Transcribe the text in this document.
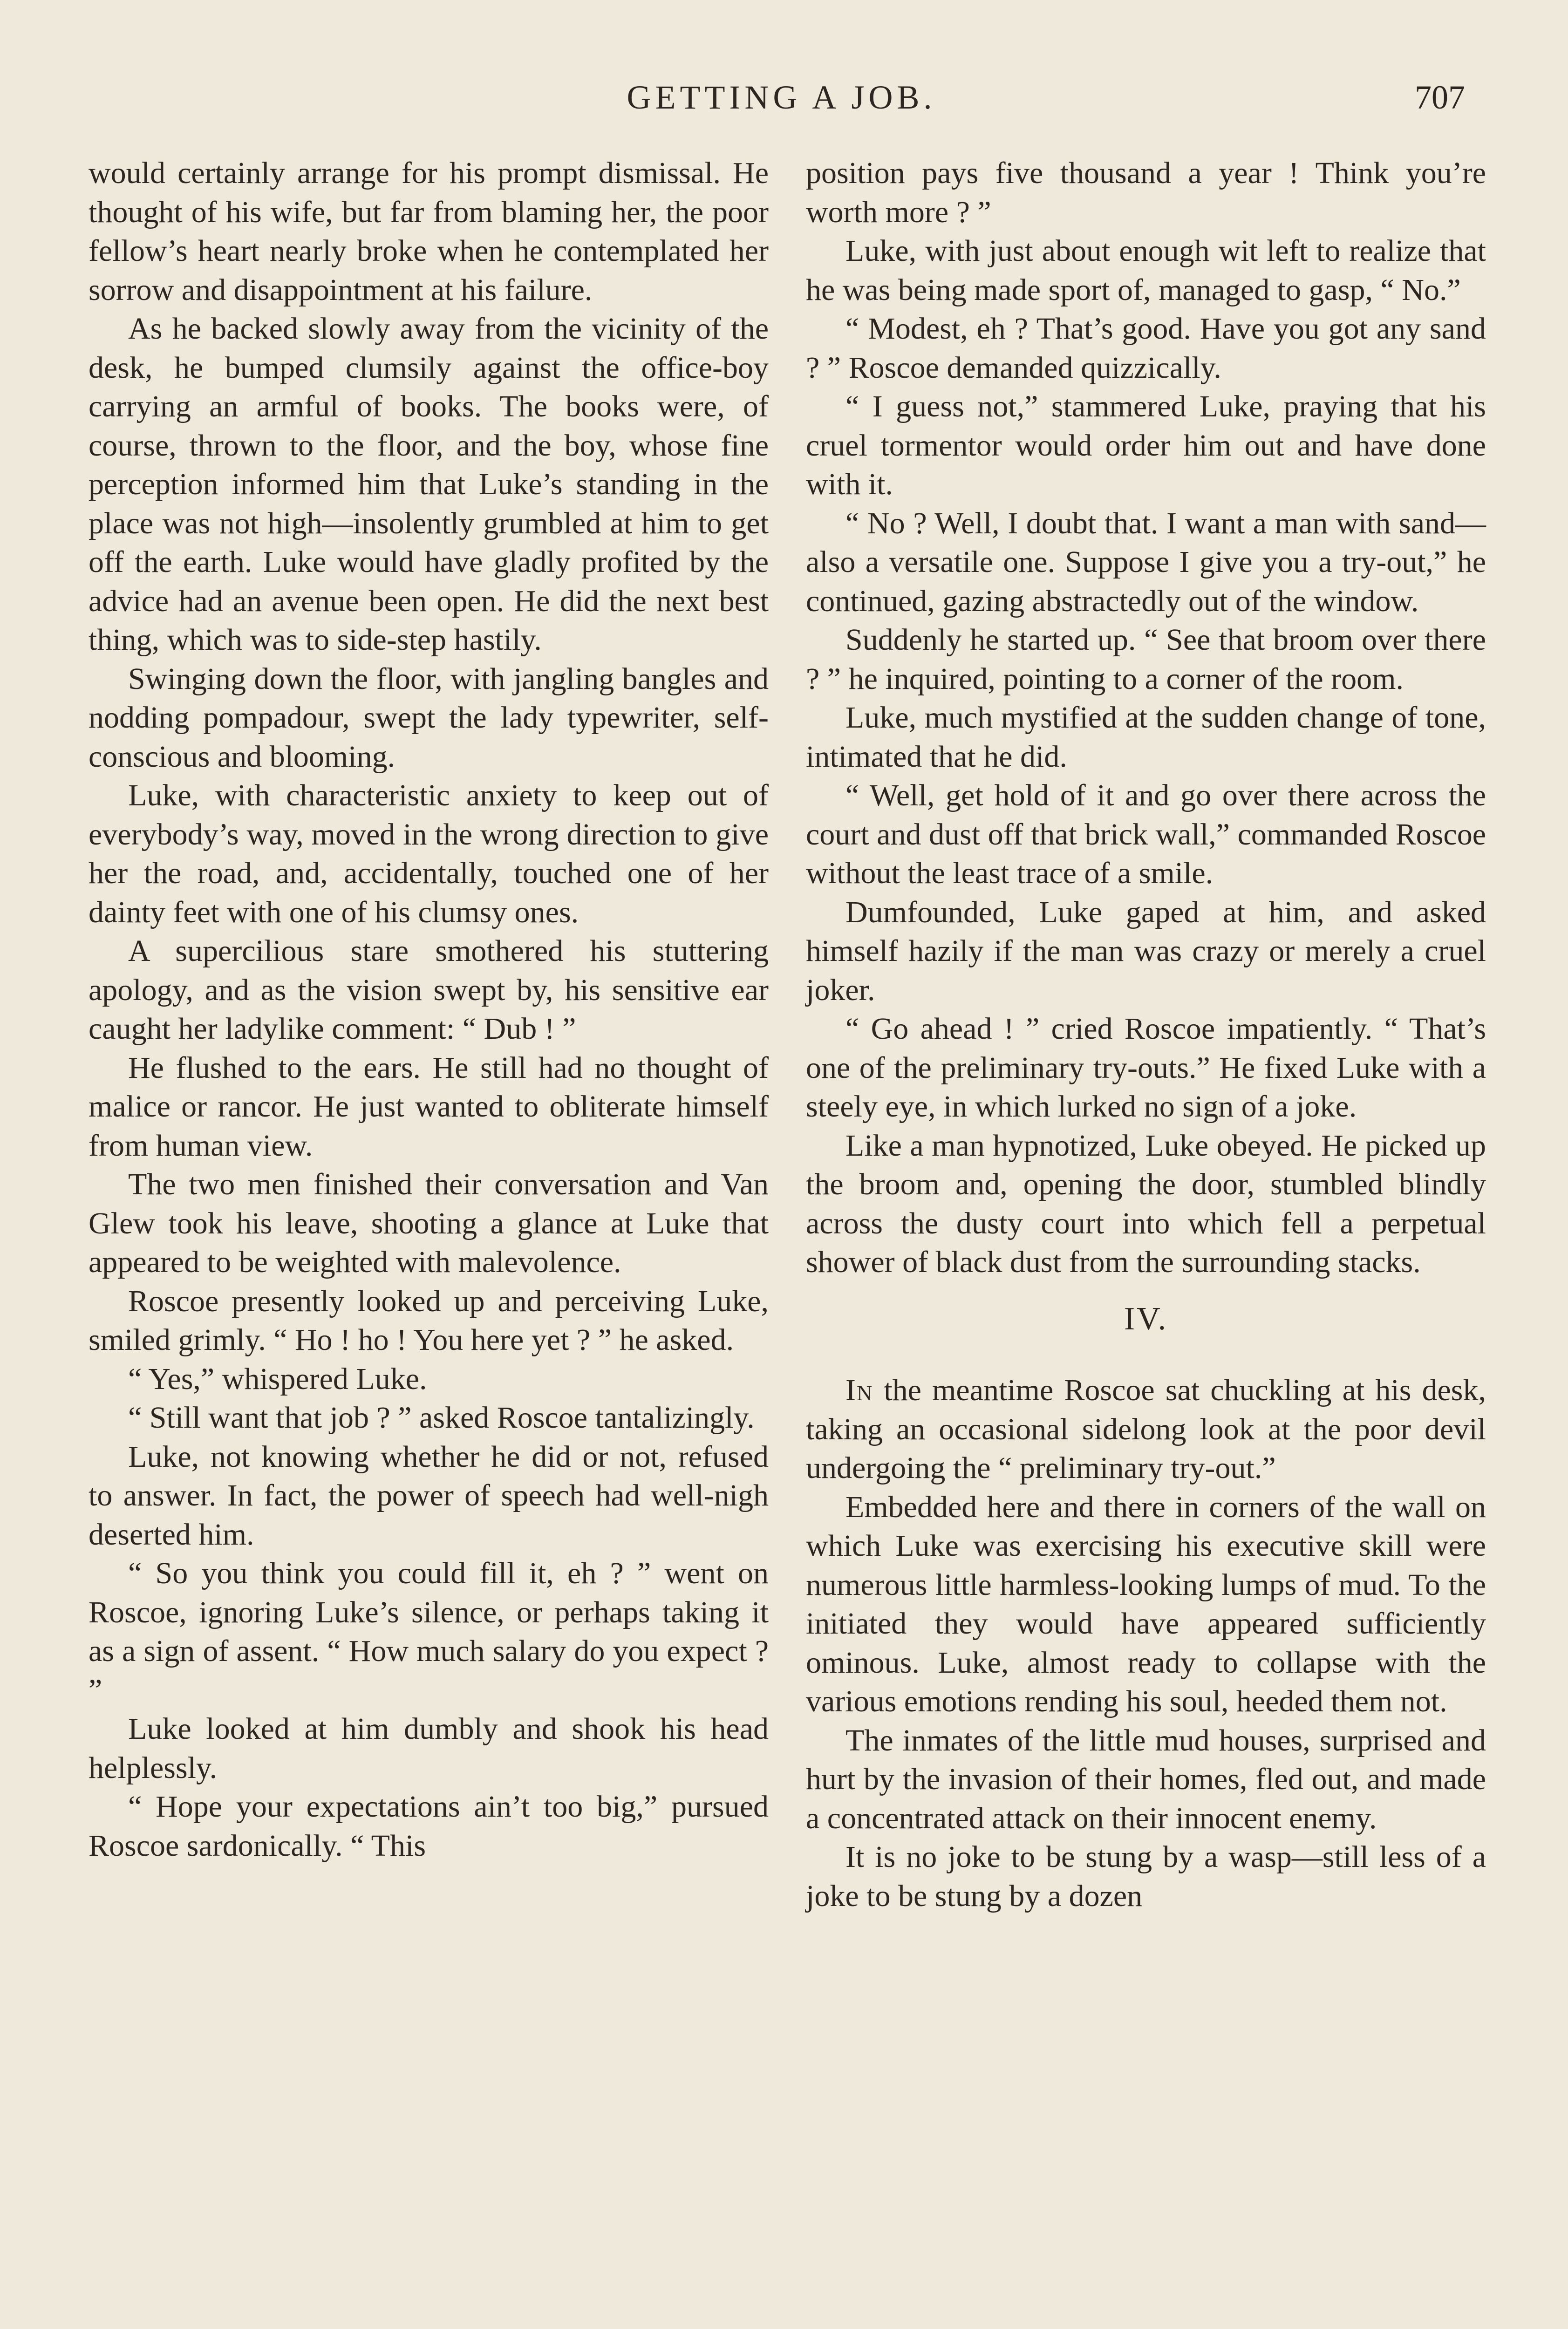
GETTING A JOB.	707

would certainly arrange for his prompt dismissal. He thought of his wife, but far from blaming her, the poor fellow’s heart nearly broke when he contemplated her sorrow and disappointment at his failure.

As he backed slowly away from the vicinity of the desk, he bumped clumsily against the office-boy carrying an armful of books. The books were, of course, thrown to the floor, and the boy, whose fine perception informed him that Luke’s standing in the place was not high—insolently grumbled at him to get off the earth. Luke would have gladly profited by the advice had an avenue been open. He did the next best thing, which was to side-step hastily.

Swinging down the floor, with jangling bangles and nodding pompadour, swept the lady typewriter, self-conscious and blooming.

Luke, with characteristic anxiety to keep out of everybody’s way, moved in the wrong direction to give her the road, and, accidentally, touched one of her dainty feet with one of his clumsy ones.

A supercilious stare smothered his stuttering apology, and as the vision swept by, his sensitive ear caught her ladylike comment: “ Dub ! ”

He flushed to the ears. He still had no thought of malice or rancor. He just wanted to obliterate himself from human view.

The two men finished their conversation and Van Glew took his leave, shooting a glance at Luke that appeared to be weighted with malevolence.

Roscoe presently looked up and perceiving Luke, smiled grimly. “ Ho ! ho ! You here yet ? ” he asked.

“ Yes,” whispered Luke.

“ Still want that job ? ” asked Roscoe tantalizingly.

Luke, not knowing whether he did or not, refused to answer. In fact, the power of speech had well-nigh deserted him.

“ So you think you could fill it, eh ? ” went on Roscoe, ignoring Luke’s silence, or perhaps taking it as a sign of assent. “ How much salary do you expect ? ”

Luke looked at him dumbly and shook his head helplessly.

“ Hope your expectations ain’t too big,” pursued Roscoe sardonically. “ This

position pays five thousand a year ! Think you’re worth more ? ”

Luke, with just about enough wit left to realize that he was being made sport of, managed to gasp, “ No.”

“ Modest, eh ? That’s good. Have you got any sand ? ” Roscoe demanded quizzically.

“ I guess not,” stammered Luke, praying that his cruel tormentor would order him out and have done with it.

“ No ? Well, I doubt that. I want a man with sand—also a versatile one. Suppose I give you a try-out,” he continued, gazing abstractedly out of the window.

Suddenly he started up. “ See that broom over there ? ” he inquired, pointing to a corner of the room.

Luke, much mystified at the sudden change of tone, intimated that he did.

“ Well, get hold of it and go over there across the court and dust off that brick wall,” commanded Roscoe without the least trace of a smile.

Dumfounded, Luke gaped at him, and asked himself hazily if the man was crazy or merely a cruel joker.

“ Go ahead ! ” cried Roscoe impatiently. “ That’s one of the preliminary try-outs.” He fixed Luke with a steely eye, in which lurked no sign of a joke.

Like a man hypnotized, Luke obeyed. He picked up the broom and, opening the door, stumbled blindly across the dusty court into which fell a perpetual shower of black dust from the surrounding stacks.

IV.

In the meantime Roscoe sat chuckling at his desk, taking an occasional sidelong look at the poor devil undergoing the “ preliminary try-out.”

Embedded here and there in corners of the wall on which Luke was exercising his executive skill were numerous little harmless-looking lumps of mud. To the initiated they would have appeared sufficiently ominous. Luke, almost ready to collapse with the various emotions rending his soul, heeded them not.

The inmates of the little mud houses, surprised and hurt by the invasion of their homes, fled out, and made a concentrated attack on their innocent enemy.

It is no joke to be stung by a wasp—still less of a joke to be stung by a dozen
